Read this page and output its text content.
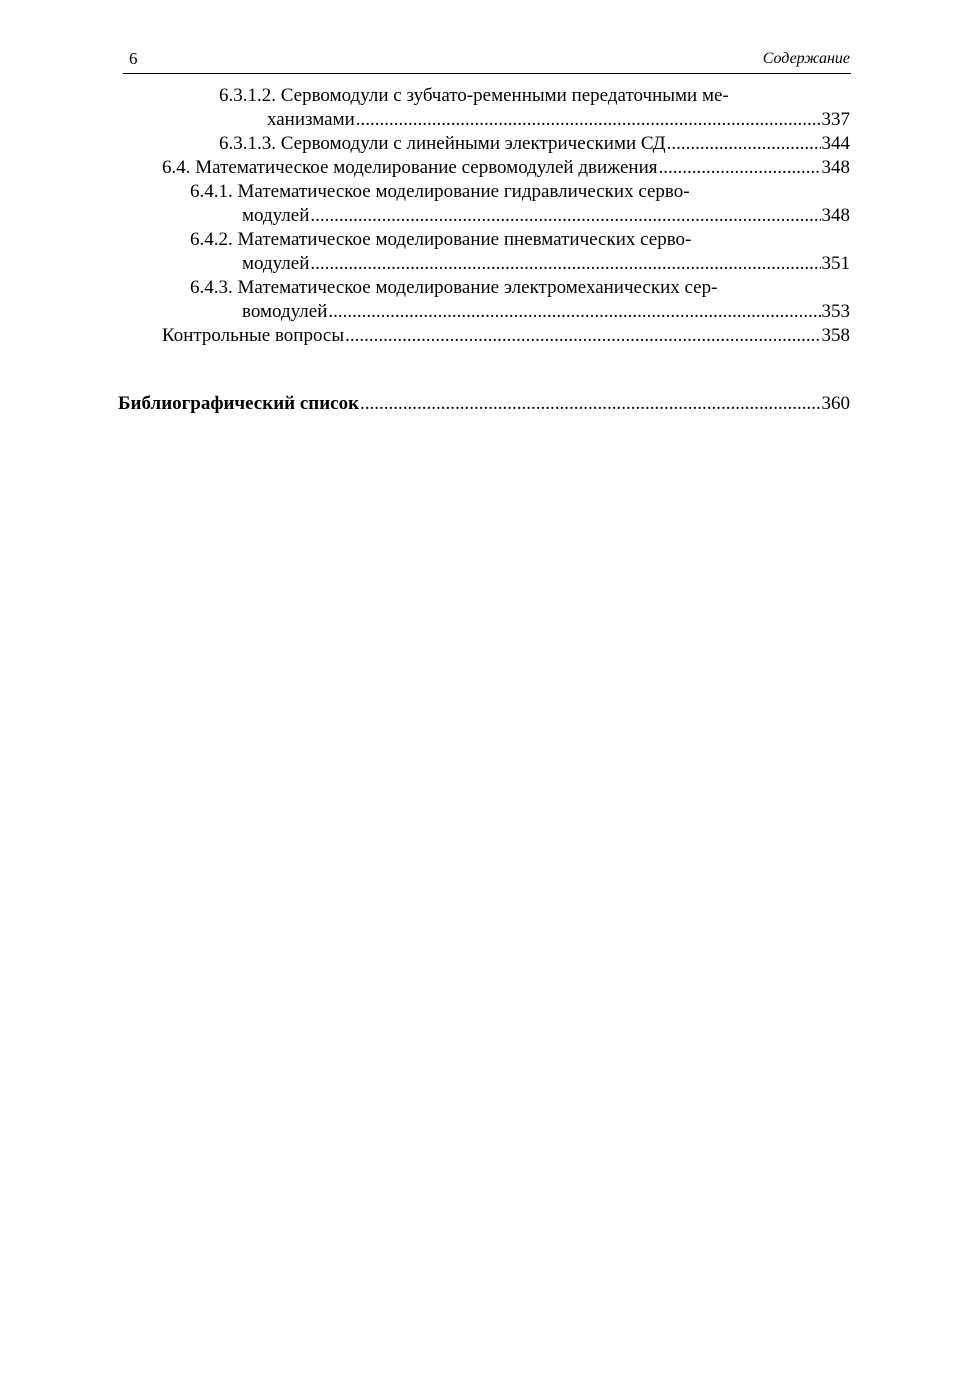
6	Содержание
6.3.1.2. Сервомодули с зубчато-ременными передаточными ме-
ханизмами .....	337
6.3.1.3. Сервомодули с линейными электрическими СД .....	344
6.4. Математическое моделирование сервомодулей движения .....	348
6.4.1. Математическое моделирование гидравлических серво-
модулей .....	348
6.4.2. Математическое моделирование пневматических серво-
модулей .....	351
6.4.3. Математическое моделирование электромеханических сер-
вомодулей .....	353
Контрольные вопросы .....	358
Библиографический список .....	360
